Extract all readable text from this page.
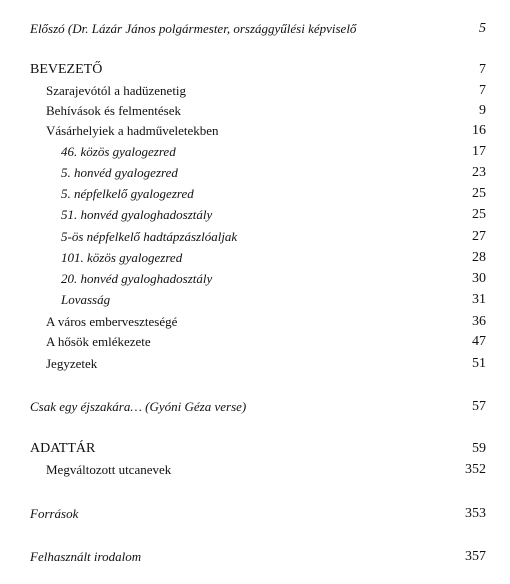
Előszó (Dr. Lázár János polgármester, országgyűlési képviselő	5
BEVEZETŐ	7
Szarajevótól a hadüzenetig	7
Behívások és felmentések	9
Vásárhelyiek a hadműveletekben	16
46. közös gyalogezred	17
5. honvéd gyalogezred	23
5. népfelkelő gyalogezred	25
51. honvéd gyaloghadosztály	25
5-ös népfelkelő hadtápzászlóaljak	27
101. közös gyalogezred	28
20. honvéd gyaloghadosztály	30
Lovasság	31
A város emberveszteségé	36
A hősök emlékezete	47
Jegyzetek	51
Csak egy éjszakára… (Gyóni Géza verse)	57
ADATTÁR	59
Megváltozott utcanevek	352
Források	353
Felhasznált irodalom	357
